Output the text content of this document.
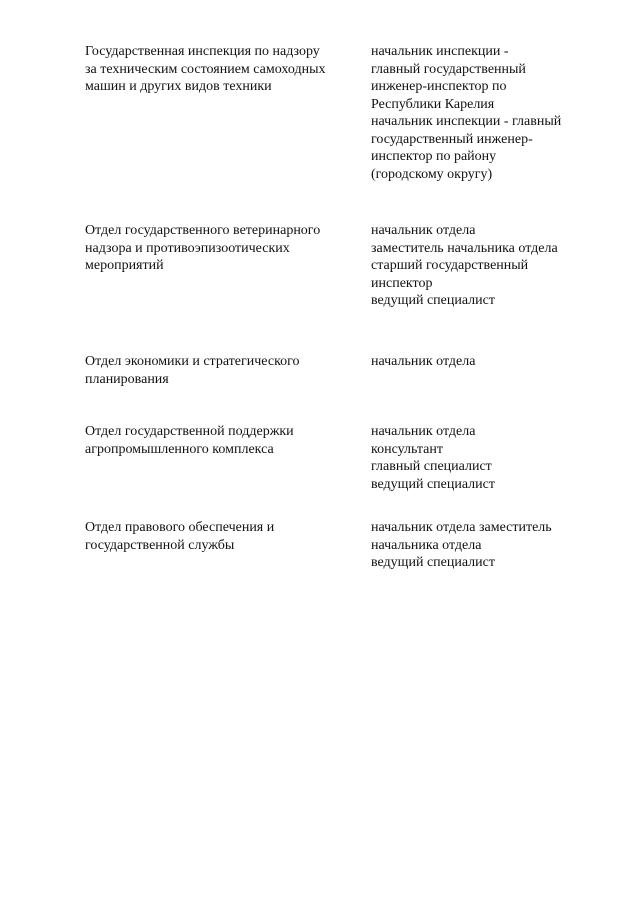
Государственная инспекция по надзору
за техническим состоянием самоходных
машин и других видов техники
начальник инспекции -
главный государственный
инженер-инспектор по
Республики Карелия
начальник инспекции - главный
государственный инженер-
инспектор по району
(городскому округу)
Отдел государственного ветеринарного
надзора и противоэпизоотических
мероприятий
начальник отдела
заместитель начальника отдела
старший государственный
инспектор
ведущий специалист
Отдел экономики и стратегического
планирования
начальник отдела
Отдел государственной поддержки
агропромышленного комплекса
начальник отдела
консультант
главный специалист
ведущий специалист
Отдел правового обеспечения и
государственной службы
начальник отдела заместитель
начальника отдела
ведущий специалист
